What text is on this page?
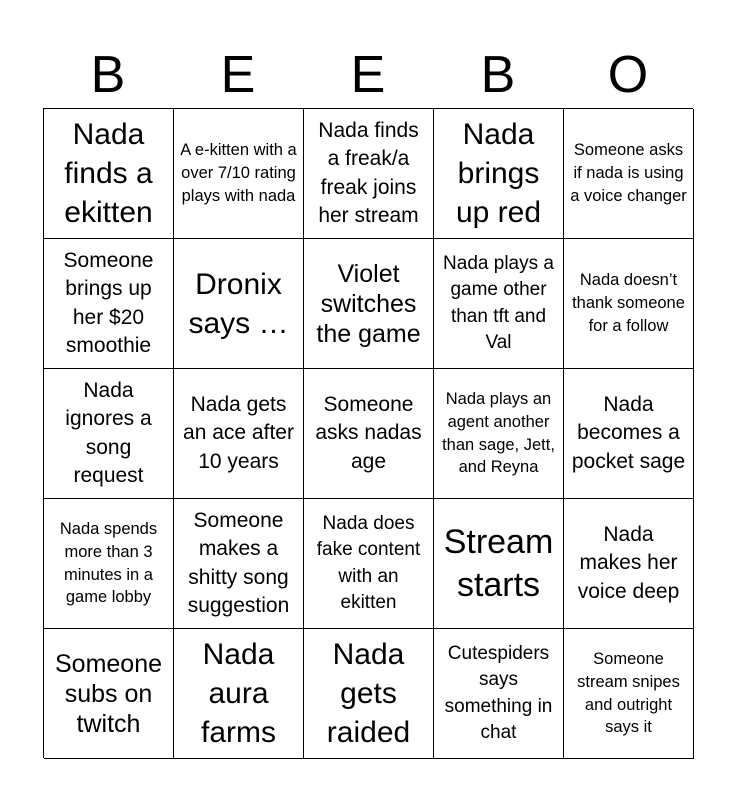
B	E	E	B	O
Nada finds a ekitten
A e-kitten with a over 7/10 rating plays with nada
Nada finds a freak/a freak joins her stream
Nada brings up red
Someone asks if nada is using a voice changer
Someone brings up her $20 smoothie
Dronix says …
Violet switches the game
Nada plays a game other than tft and Val
Nada doesn’t thank someone for a follow
Nada ignores a song request
Nada gets an ace after 10 years
Someone asks nadas age
Nada plays an agent another than sage, Jett, and Reyna
Nada becomes a pocket sage
Nada spends more than 3 minutes in a game lobby
Someone makes a shitty song suggestion
Nada does fake content with an ekitten
Stream starts
Nada makes her voice deep
Someone subs on twitch
Nada aura farms
Nada gets raided
Cutespiders says something in chat
Someone stream snipes and outright says it
